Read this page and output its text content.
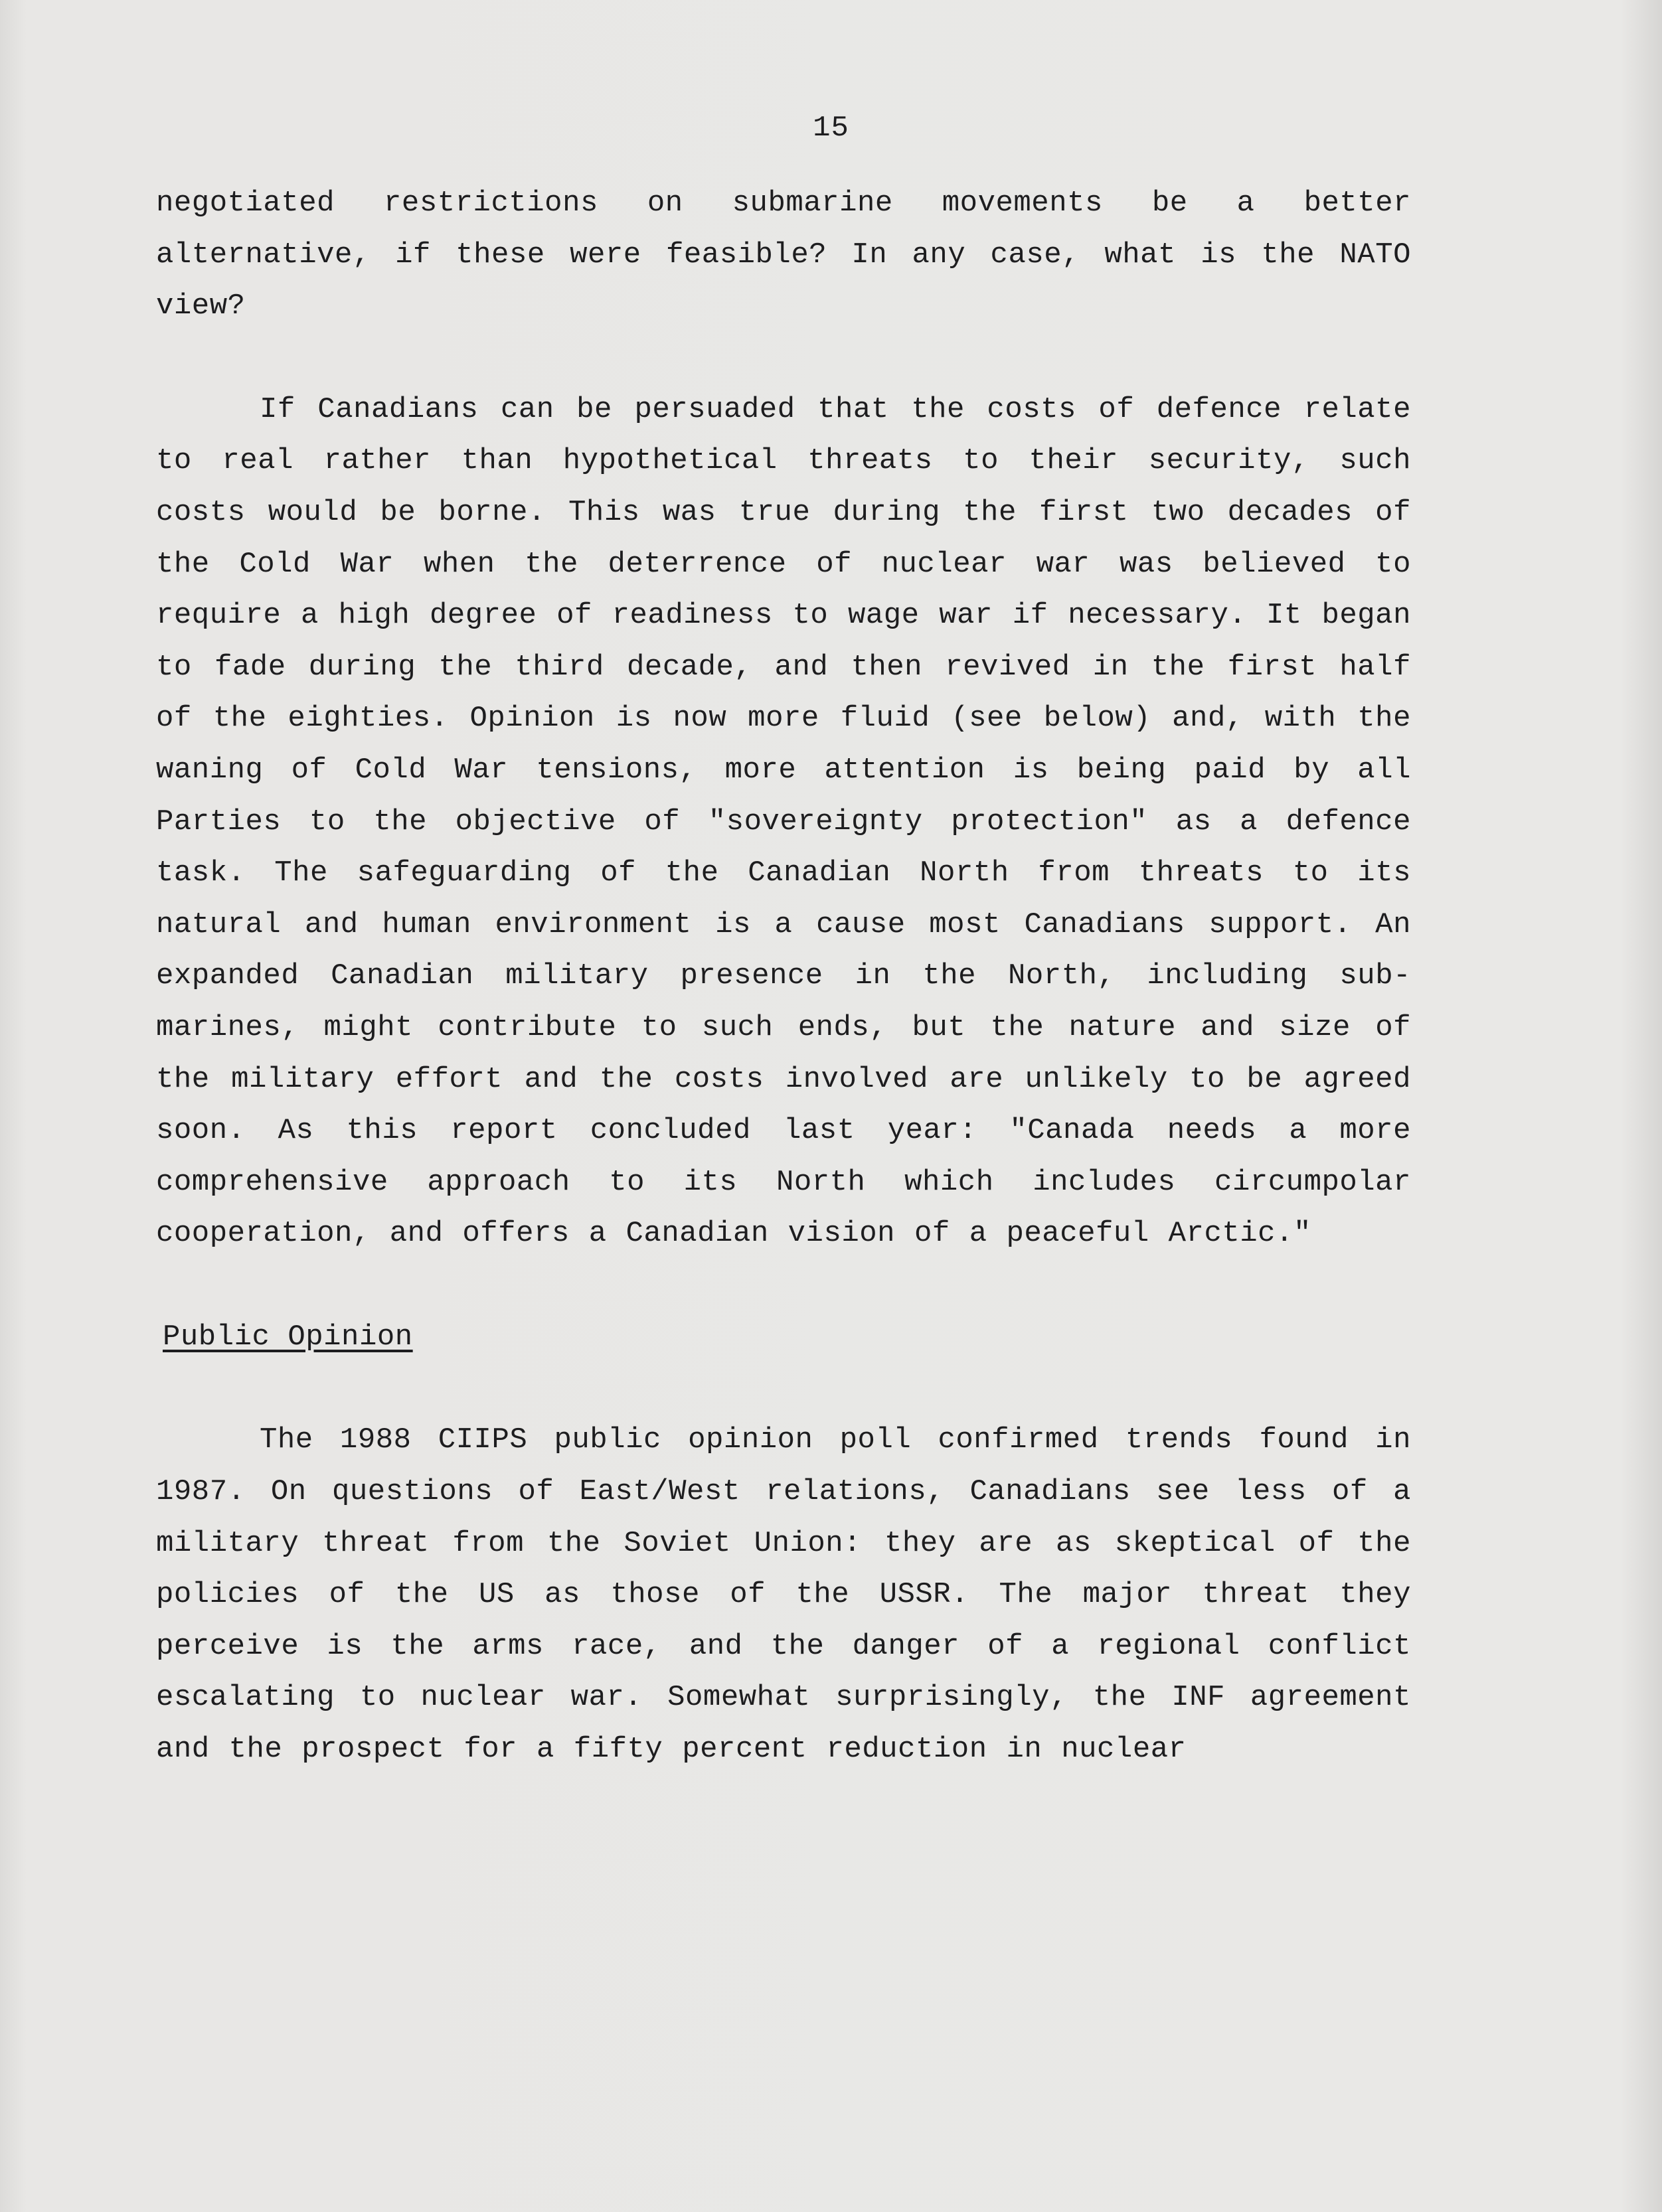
15

negotiated restrictions on submarine movements be a better alternative, if these were feasible? In any case, what is the NATO view?

If Canadians can be persuaded that the costs of defence relate to real rather than hypothetical threats to their security, such costs would be borne. This was true during the first two decades of the Cold War when the deterrence of nuclear war was believed to require a high degree of readiness to wage war if necessary. It began to fade during the third decade, and then revived in the first half of the eighties. Opinion is now more fluid (see below) and, with the waning of Cold War tensions, more attention is being paid by all Parties to the objective of "sovereignty protection" as a defence task. The safeguarding of the Canadian North from threats to its natural and human environment is a cause most Canadians support. An expanded Canadian military presence in the North, including sub-marines, might contribute to such ends, but the nature and size of the military effort and the costs involved are unlikely to be agreed soon. As this report concluded last year: "Canada needs a more comprehensive approach to its North which includes circumpolar cooperation, and offers a Canadian vision of a peaceful Arctic."

Public Opinion

The 1988 CIIPS public opinion poll confirmed trends found in 1987. On questions of East/West relations, Canadians see less of a military threat from the Soviet Union: they are as skeptical of the policies of the US as those of the USSR. The major threat they perceive is the arms race, and the danger of a regional conflict escalating to nuclear war. Somewhat surprisingly, the INF agreement and the prospect for a fifty percent reduction in nuclear
